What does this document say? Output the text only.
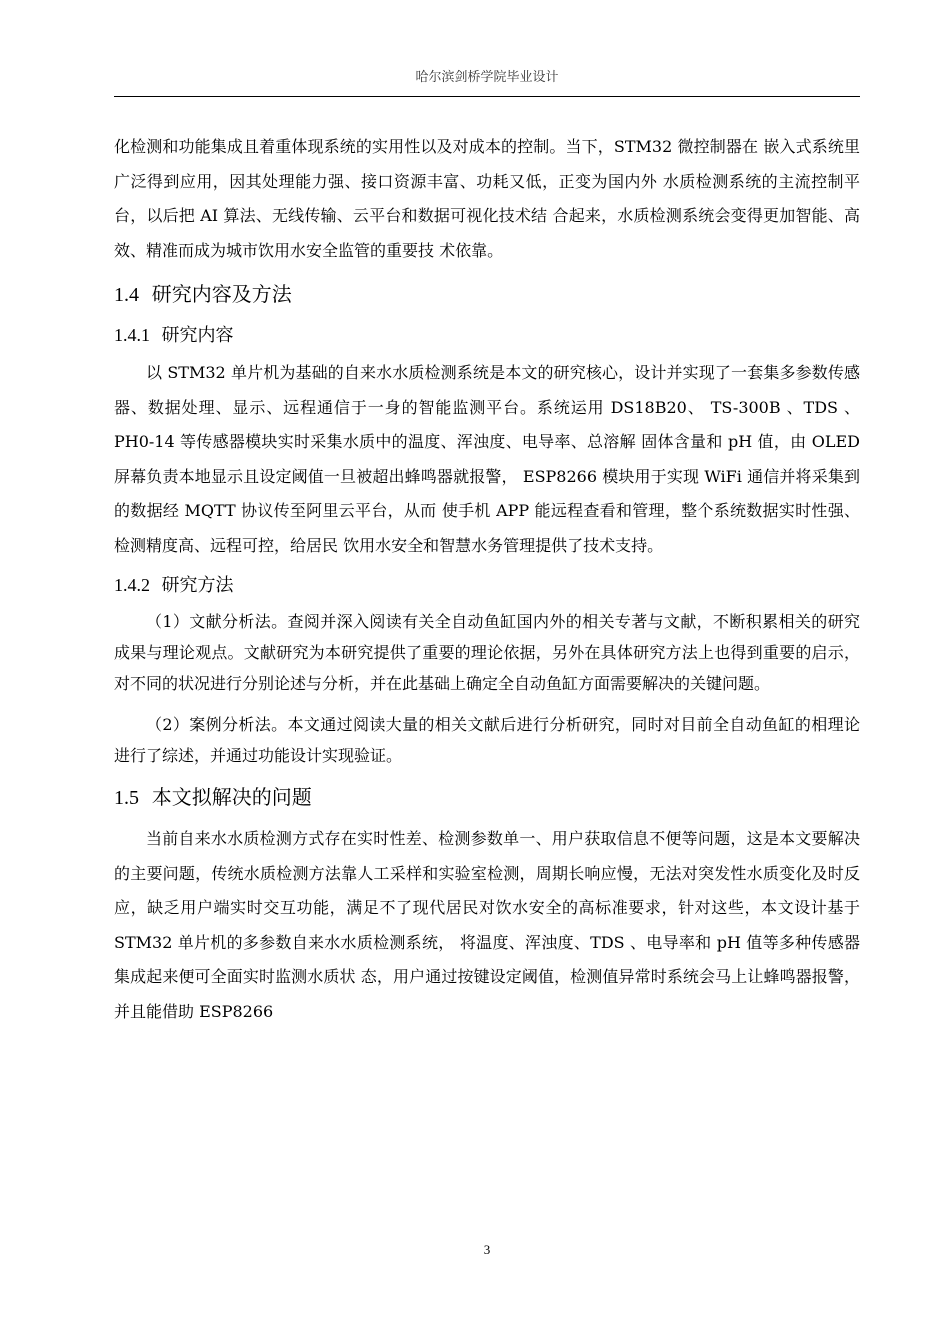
哈尔滨剑桥学院毕业设计

化检测和功能集成且着重体现系统的实用性以及对成本的控制。当下，STM32 微控制器在 嵌入式系统里广泛得到应用，因其处理能力强、接口资源丰富、功耗又低，正变为国内外 水质检测系统的主流控制平台，以后把 AI 算法、无线传输、云平台和数据可视化技术结 合起来，水质检测系统会变得更加智能、高效、精准而成为城市饮用水安全监管的重要技 术依靠。

1.4 研究内容及方法
1.4.1 研究内容

以 STM32 单片机为基础的自来水水质检测系统是本文的研究核心，设计并实现了一套集多参数传感器、数据处理、显示、远程通信于一身的智能监测平台。系统运用 DS18B20、 TS-300B 、TDS 、PH0-14 等传感器模块实时采集水质中的温度、浑浊度、电导率、总溶解 固体含量和 pH 值，由 OLED 屏幕负责本地显示且设定阈值一旦被超出蜂鸣器就报警， ESP8266 模块用于实现 WiFi 通信并将采集到的数据经 MQTT 协议传至阿里云平台，从而 使手机 APP 能远程查看和管理，整个系统数据实时性强、检测精度高、远程可控，给居民 饮用水安全和智慧水务管理提供了技术支持。

1.4.2 研究方法

（1）文献分析法。查阅并深入阅读有关全自动鱼缸国内外的相关专著与文献，不断积累相关的研究成果与理论观点。文献研究为本研究提供了重要的理论依据，另外在具体研究方法上也得到重要的启示，对不同的状况进行分别论述与分析，并在此基础上确定全自动鱼缸方面需要解决的关键问题。

（2）案例分析法。本文通过阅读大量的相关文献后进行分析研究，同时对目前全自动鱼缸的相理论进行了综述，并通过功能设计实现验证。

1.5 本文拟解决的问题

当前自来水水质检测方式存在实时性差、检测参数单一、用户获取信息不便等问题，这是本文要解决的主要问题，传统水质检测方法靠人工采样和实验室检测，周期长响应慢，无法对突发性水质变化及时反应，缺乏用户端实时交互功能，满足不了现代居民对饮水安全的高标准要求，针对这些，本文设计基于 STM32 单片机的多参数自来水水质检测系统， 将温度、浑浊度、TDS 、电导率和 pH 值等多种传感器集成起来便可全面实时监测水质状 态，用户通过按键设定阈值，检测值异常时系统会马上让蜂鸣器报警，并且能借助 ESP8266

3
